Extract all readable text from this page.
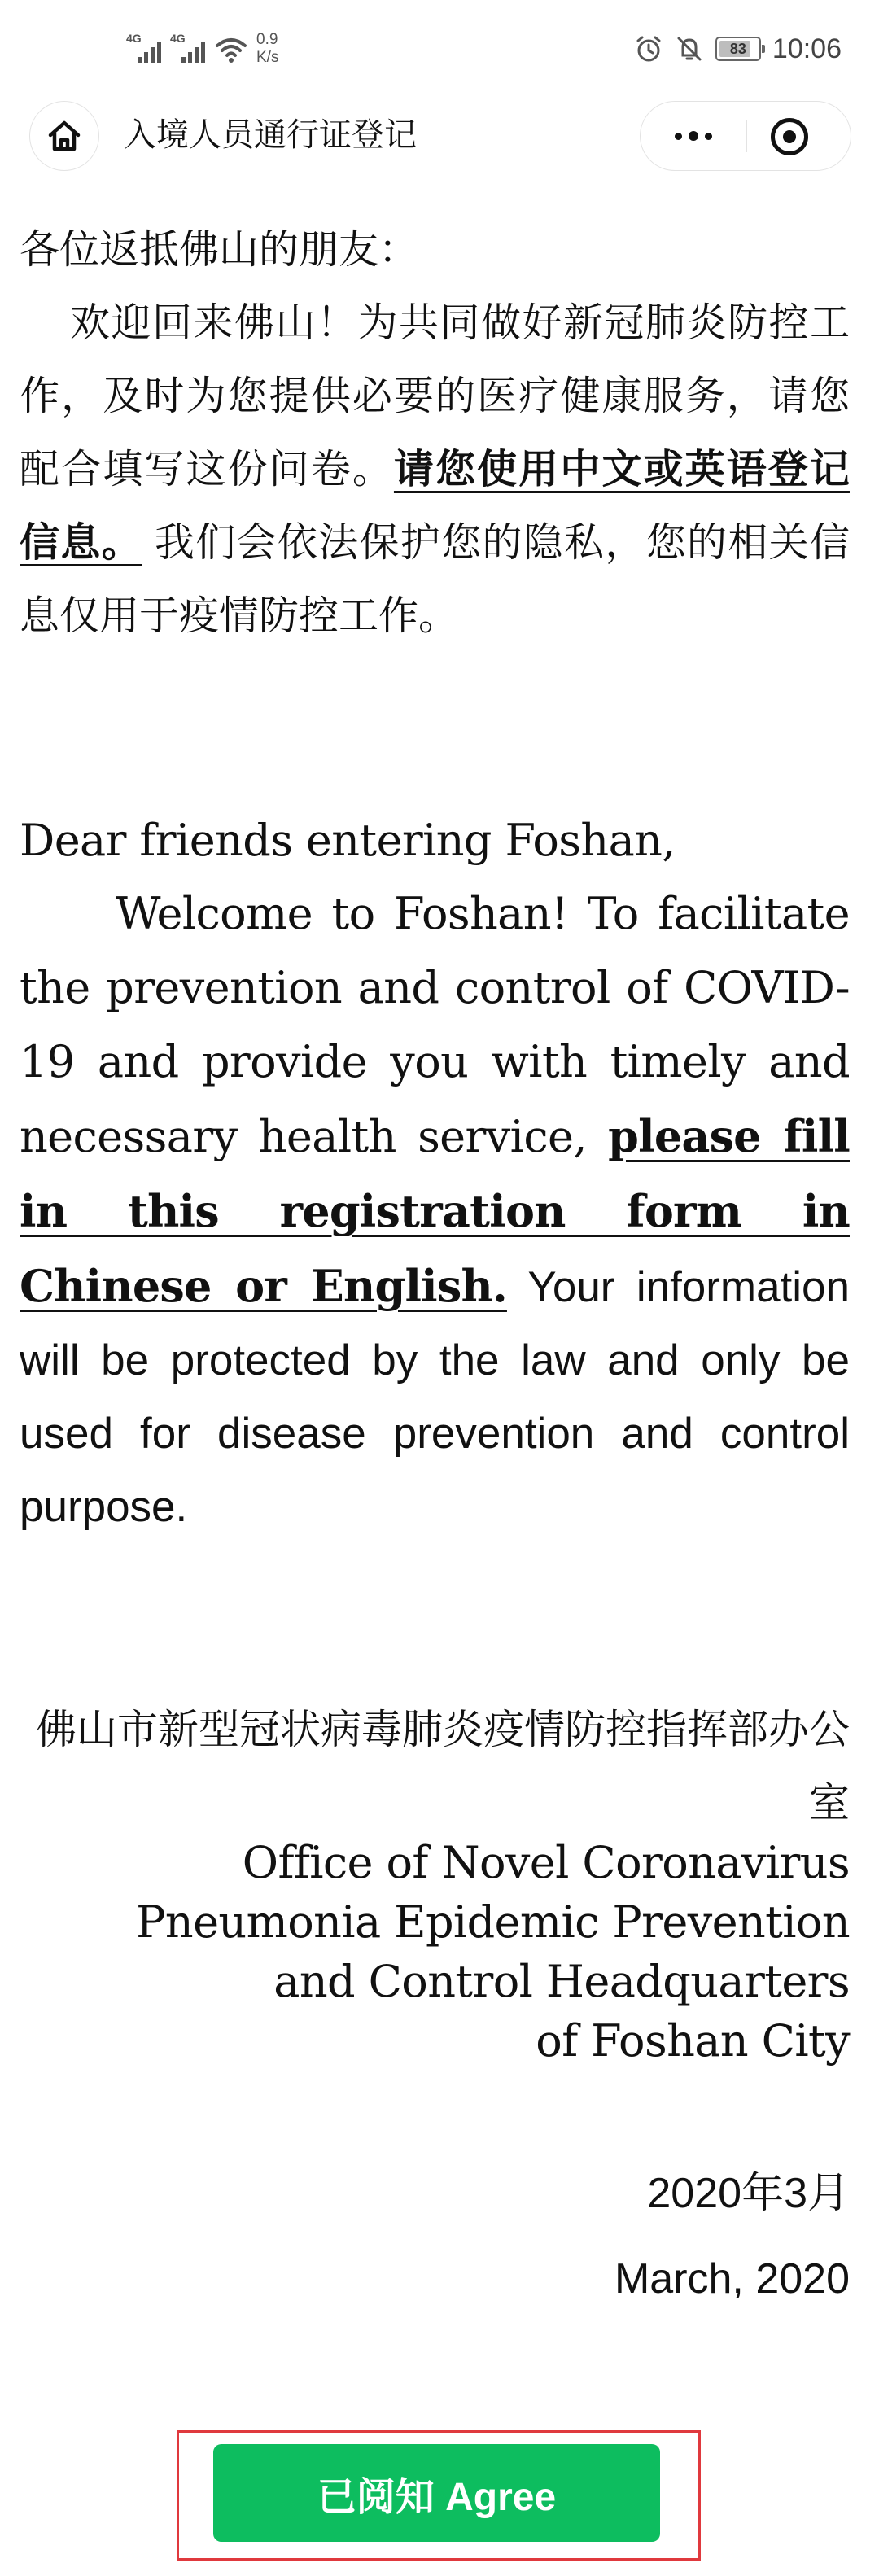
4G	4G	0.9
K/s	83 10:06
入境人员通行证登记

各位返抵佛山的朋友：

欢迎回来佛山！为共同做好新冠肺炎防控工作，及时为您提供必要的医疗健康服务，请您配合填写这份问卷。请您使用中文或英语登记信息。 我们会依法保护您的隐私，您的相关信息仅用于疫情防控工作。

Dear friends entering Foshan,

Welcome to Foshan! To facilitate the prevention and control of COVID-19 and provide you with timely and necessary health service, please fill in this registration form in Chinese or English. Your information will be protected by the law and only be used for disease prevention and control purpose.

佛山市新型冠状病毒肺炎疫情防控指挥部办公室

Office of Novel Coronavirus
Pneumonia Epidemic Prevention
and Control Headquarters
of Foshan City

2020年3月

March, 2020

已阅知 Agree
